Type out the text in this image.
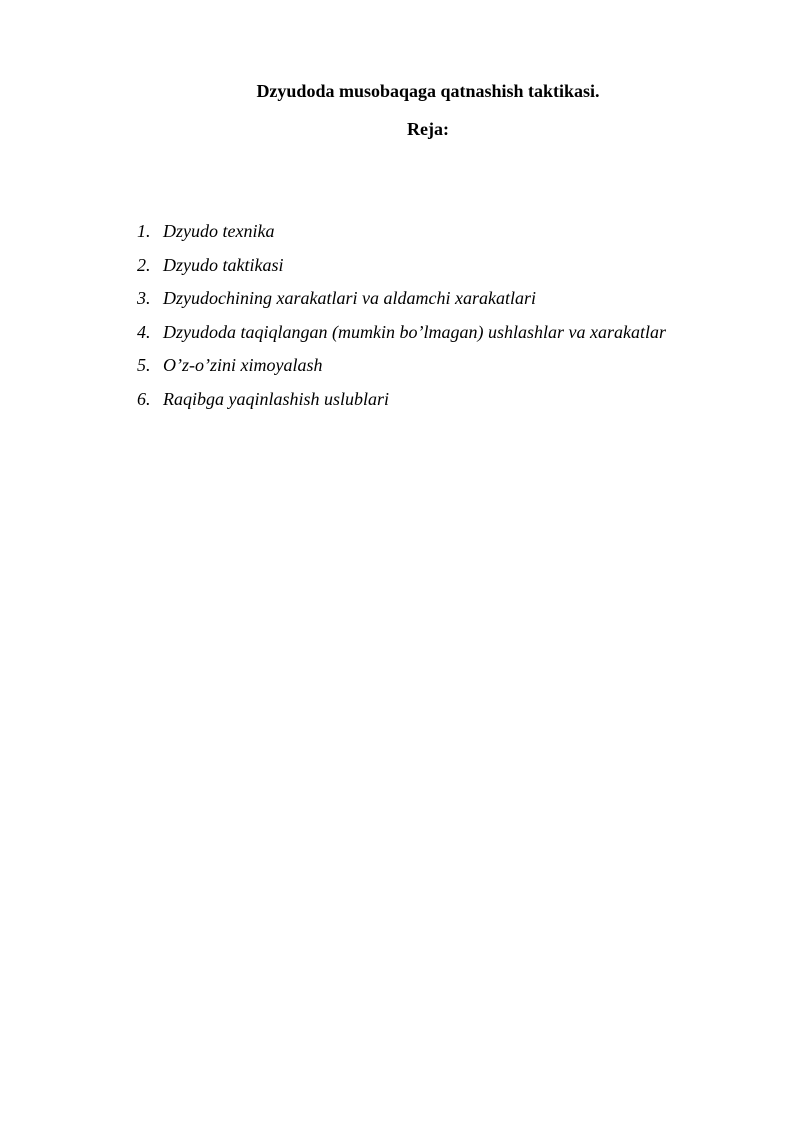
Dzyudoda musobaqaga qatnashish taktikasi.
Reja:
1. Dzyudo texnika
2. Dzyudo taktikasi
3. Dzyudochining xarakatlari va aldamchi xarakatlari
4. Dzyudoda taqiqlangan (mumkin bo’lmagan) ushlashlar va xarakatlar
5. O’z-o’zini ximoyalash
6. Raqibga yaqinlashish uslublari
